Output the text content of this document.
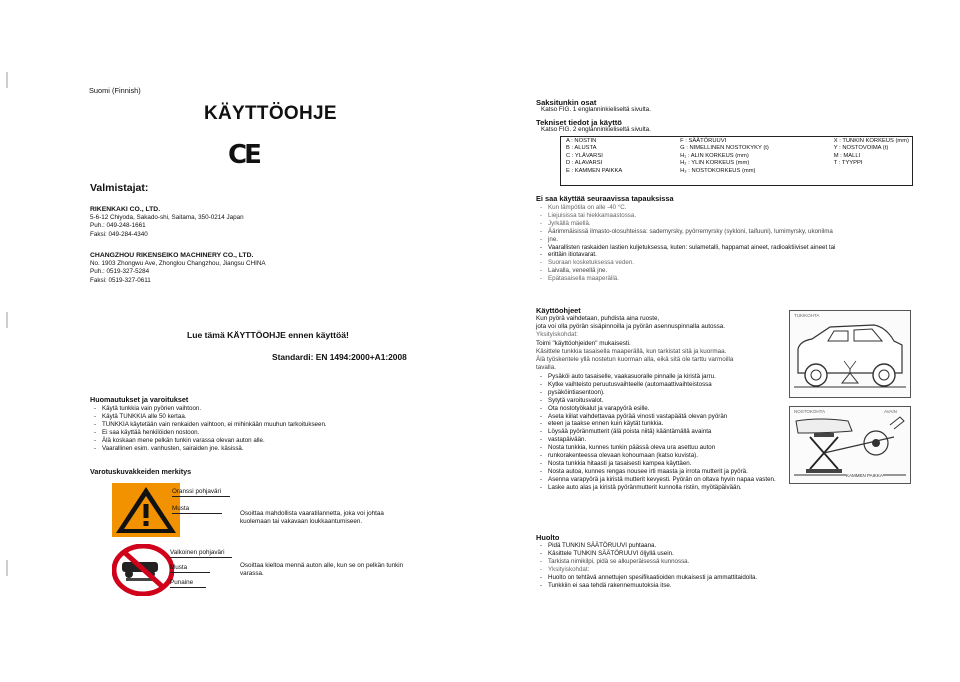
Suomi (Finnish)
KÄYTTÖOHJE
CE
Valmistajat:
RIKENKAKI CO., LTD.
5-6-12 Chiyoda, Sakado-shi, Saitama, 350-0214 Japan
Puh.: 049-248-1661
Faksi: 049-284-4340
CHANGZHOU RIKENSEIKO MACHINERY CO., LTD.
No. 1903 Zhongwu Ave, Zhonglou Changzhou, Jiangsu CHINA
Puh.: 0519-327-5284
Faksi: 0519-327-0611
Lue tämä KÄYTTÖOHJE ennen käyttöä!
Standardi: EN 1494:2000+A1:2008
Huomautukset ja varoitukset
- Käytä tunkkia vain pyörien vaihtoon.
- Käytä TUNKKIA alle 50 kertaa.
- TUNKKIA käytetään vain renkaiden vaihtoon, ei mihinkään muuhun tarkoitukseen.
- Ei saa käyttää henkilöiden nostoon.
- Älä koskaan mene pelkän tunkin varassa olevan auton alle.
- Vaarallinen esim. vanhusten, sairaiden jne. käsissä.
Varotuskuvakkeiden merkitys
Oranssi pohjaväri
Musta
Osoittaa mahdollista vaaratilannetta, joka voi johtaa
kuolemaan tai vakavaan loukkaantumiseen.
Valkoinen pohjaväri
Musta
Punaine
Osoittaa kieltoa mennä auton alle, kun se on pelkän tunkin
varassa.
Saksitunkin osat
Katso FIG. 1 englanninkieliseltä sivulta.
Tekniset tiedot ja käyttö
Katso FIG. 2 englanninkieliseltä sivulta.
A : NOSTIN	F : SÄÄTÖRUUVI	X : TUNKIN KORKEUS (mm)
B : ALUSTA	G : NIMELLINEN NOSTOKYKY (t)	Y : NOSTOVOIMA (t)
C : YLÄVARSI	H₁ : ALIN KORKEUS (mm)	M : MALLI
D : ALAVARSI	H₂ : YLIN KORKEUS (mm)	T : TYYPPI
E : KAMMEN PAIKKA	H₃ : NOSTOKORKEUS (mm)	
Ei saa käyttää seuraavissa tapauksissa
- Kun lämpötila on alle -40 °C.
- Liejuisissa tai hiekkamaastossa.
- Jyrkällä mäellä.
- Äärimmäisissä ilmasto-olosuhteissa: sademyrsky, pyörremyrsky (sykloni, taifuuni), lumimyrsky, ukonilma
- jne.
- Vaarallisten raskaiden lastien kuljetuksessa, kuten: sulametalli, happamat aineet, radioaktiiviset aineet tai
- erittäin itiotavarat.
- Suoraan kosketuksessa veden.
- Laivalla, veneellä jne.
- Epätasaisella maaperällä.
Käyttöohjeet
Kun pyörä vaihdetaan, puhdista aina ruoste,
jota voi olla pyörän sisäpinnoilla ja pyörän asennuspinnalla autossa.
Yksityiskohdat:
Toimi "käyttöohjeiden" mukaisesti.
Käsittele tunkkia tasaisella maaperällä, kun tarkistat sitä ja kuormaa.
Älä työskentele yllä nostetun kuorman alla, eikä sitä ole tarttu varmoilla
tavalla.
- Pysäköi auto tasaiselle, vaakasuoralle pinnalle ja kiristä jarru.
- Kytke vaihteisto peruutusvaihteelle (automaattivaihteistossa
- pysäköintiasentoon).
- Sytytä varoitusvalot.
- Ota nostotyökalut ja varapyörä esille.
- Aseta kiilat vaihdettavaa pyörää vinosti vastapäätä olevan pyörän
- eteen ja taakse ennen kuin käytät tunkkia.
- Löysää pyöränmutterit (älä poista niitä) kääntämällä avainta
- vastapäivään.
- Nosta tunkkia, kunnes tunkin päässä oleva ura asettuu auton
- runkorakenteessa olevaan kohoumaan (katso kuvista).
- Nosta tunkkia hitaasti ja tasaisesti kampea käyttäen.
- Nosta autoa, kunnes rengas nousee irti maasta ja irrota mutterit ja pyörä.
- Asenna varapyörä ja kiristä mutterit kevyesti. Pyörän on oltava hyvin napaa vasten.
- Laske auto alas ja kiristä pyöränmutterit kunnolla ristiin, myötäpäivään.
Huolto
- Pidä TUNKIN SÄÄTÖRUUVI puhtaana.
- Käsittele TUNKIN SÄÄTÖRUUVI öljyllä usein.
- Tarkista nimikilpi, pidä se alkuperäisessä kunnossa.
- Yksityiskohdat:
- Huolto on tehtävä annettujen spesifikaatioiden mukaisesti ja ammattitaidolla.
- Tunkkiin ei saa tehdä rakennemuutoksia itse.
TUKIKOHTA
NOSTOKOHTA	AVAIN
KAMMEN PAIKKA
